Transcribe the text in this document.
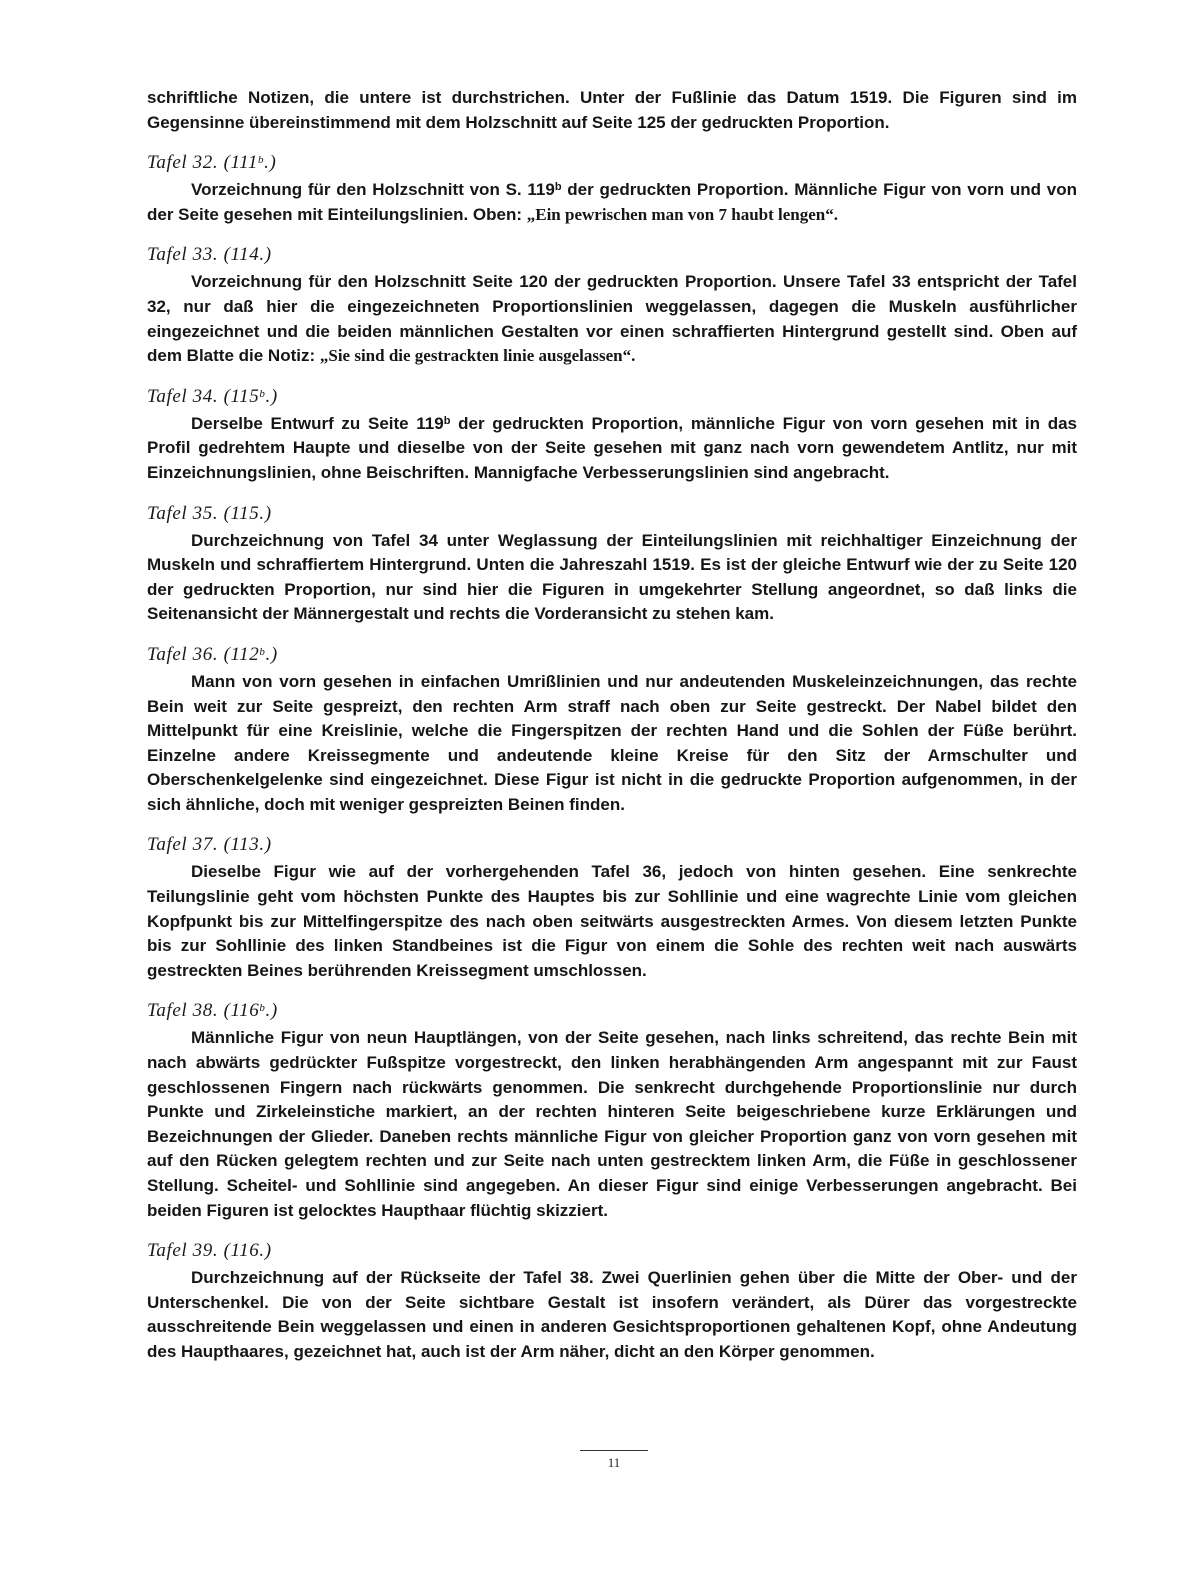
schriftliche Notizen, die untere ist durchstrichen. Unter der Fußlinie das Datum 1519. Die Figuren sind im Gegensinne übereinstimmend mit dem Holzschnitt auf Seite 125 der gedruckten Proportion.

Tafel 32. (111$^b$.)

Vorzeichnung für den Holzschnitt von S. 119$^b$ der gedruckten Proportion. Männliche Figur von vorn und von der Seite gesehen mit Einteilungslinien. Oben: „Ein pewrischen man von 7 haubt lengen“.

Tafel 33. (114.)

Vorzeichnung für den Holzschnitt Seite 120 der gedruckten Proportion. Unsere Tafel 33 entspricht der Tafel 32, nur daß hier die eingezeichneten Proportionslinien weggelassen, dagegen die Muskeln ausführlicher eingezeichnet und die beiden männlichen Gestalten vor einen schraffierten Hintergrund gestellt sind. Oben auf dem Blatte die Notiz: „Sie sind die gestrackten linie ausgelassen“.

Tafel 34. (115$^b$.)

Derselbe Entwurf zu Seite 119$^b$ der gedruckten Proportion, männliche Figur von vorn gesehen mit in das Profil gedrehtem Haupte und dieselbe von der Seite gesehen mit ganz nach vorn gewendetem Antlitz, nur mit Einzeichnungslinien, ohne Beischriften. Mannigfache Verbesserungslinien sind angebracht.

Tafel 35. (115.)

Durchzeichnung von Tafel 34 unter Weglassung der Einteilungslinien mit reichhaltiger Einzeichnung der Muskeln und schraffiertem Hintergrund. Unten die Jahreszahl 1519. Es ist der gleiche Entwurf wie der zu Seite 120 der gedruckten Proportion, nur sind hier die Figuren in umgekehrter Stellung angeordnet, so daß links die Seitenansicht der Männergestalt und rechts die Vorderansicht zu stehen kam.

Tafel 36. (112$^b$.)

Mann von vorn gesehen in einfachen Umrißlinien und nur andeutenden Muskeleinzeichnungen, das rechte Bein weit zur Seite gespreizt, den rechten Arm straff nach oben zur Seite gestreckt. Der Nabel bildet den Mittelpunkt für eine Kreislinie, welche die Fingerspitzen der rechten Hand und die Sohlen der Füße berührt. Einzelne andere Kreissegmente und andeutende kleine Kreise für den Sitz der Armschulter und Oberschenkelgelenke sind eingezeichnet. Diese Figur ist nicht in die gedruckte Proportion aufgenommen, in der sich ähnliche, doch mit weniger gespreizten Beinen finden.

Tafel 37. (113.)

Dieselbe Figur wie auf der vorhergehenden Tafel 36, jedoch von hinten gesehen. Eine senkrechte Teilungslinie geht vom höchsten Punkte des Hauptes bis zur Sohllinie und eine wagrechte Linie vom gleichen Kopfpunkt bis zur Mittelfingerspitze des nach oben seitwärts ausgestreckten Armes. Von diesem letzten Punkte bis zur Sohllinie des linken Standbeines ist die Figur von einem die Sohle des rechten weit nach auswärts gestreckten Beines berührenden Kreissegment umschlossen.

Tafel 38. (116$^b$.)

Männliche Figur von neun Hauptlängen, von der Seite gesehen, nach links schreitend, das rechte Bein mit nach abwärts gedrückter Fußspitze vorgestreckt, den linken herabhängenden Arm angespannt mit zur Faust geschlossenen Fingern nach rückwärts genommen. Die senkrecht durchgehende Proportionslinie nur durch Punkte und Zirkeleinstiche markiert, an der rechten hinteren Seite beigeschriebene kurze Erklärungen und Bezeichnungen der Glieder. Daneben rechts männliche Figur von gleicher Proportion ganz von vorn gesehen mit auf den Rücken gelegtem rechten und zur Seite nach unten gestrecktem linken Arm, die Füße in geschlossener Stellung. Scheitel- und Sohllinie sind angegeben. An dieser Figur sind einige Verbesserungen angebracht. Bei beiden Figuren ist gelocktes Haupthaar flüchtig skizziert.

Tafel 39. (116.)

Durchzeichnung auf der Rückseite der Tafel 38. Zwei Querlinien gehen über die Mitte der Ober- und der Unterschenkel. Die von der Seite sichtbare Gestalt ist insofern verändert, als Dürer das vorgestreckte ausschreitende Bein weggelassen und einen in anderen Gesichtsproportionen gehaltenen Kopf, ohne Andeutung des Haupthaares, gezeichnet hat, auch ist der Arm näher, dicht an den Körper genommen.

11
